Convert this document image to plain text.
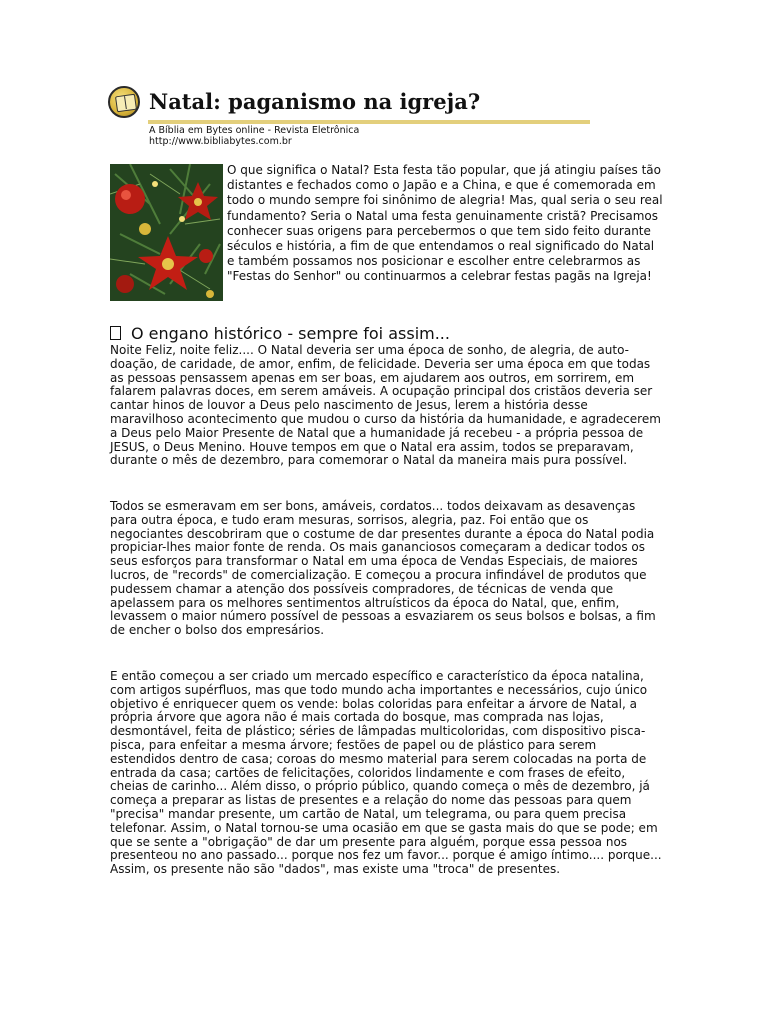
Natal: paganismo na igreja?
A Bíblia em Bytes online - Revista Eletrônica
http://www.bibliabytes.com.br

O que significa o Natal? Esta festa tão popular, que já atingiu países tão distantes e fechados como o Japão e a China, e que é comemorada em todo o mundo sempre foi sinônimo de alegria! Mas, qual seria o seu real fundamento? Seria o Natal uma festa genuinamente cristã? Precisamos conhecer suas origens para percebermos o que tem sido feito durante séculos e história, a fim de que entendamos o real significado do Natal e também possamos nos posicionar e escolher entre celebrarmos as "Festas do Senhor" ou continuarmos a celebrar festas pagãs na Igreja!

O engano histórico - sempre foi assim...

Noite Feliz, noite feliz.... O Natal deveria ser uma época de sonho, de alegria, de auto-doação, de caridade, de amor, enfim, de felicidade. Deveria ser uma época em que todas as pessoas pensassem apenas em ser boas, em ajudarem aos outros, em sorrirem, em falarem palavras doces, em serem amáveis. A ocupação principal dos cristãos deveria ser cantar hinos de louvor a Deus pelo nascimento de Jesus, lerem a história desse maravilhoso acontecimento que mudou o curso da história da humanidade, e agradecerem a Deus pelo Maior Presente de Natal que a humanidade já recebeu - a própria pessoa de JESUS, o Deus Menino. Houve tempos em que o Natal era assim, todos se preparavam, durante o mês de dezembro, para comemorar o Natal da maneira mais pura possível.

Todos se esmeravam em ser bons, amáveis, cordatos... todos deixavam as desavenças para outra época, e tudo eram mesuras, sorrisos, alegria, paz. Foi então que os negociantes descobriram que o costume de dar presentes durante a época do Natal podia propiciar-lhes maior fonte de renda. Os mais gananciosos começaram a dedicar todos os seus esforços para transformar o Natal em uma época de Vendas Especiais, de maiores lucros, de "records" de comercialização. E começou a procura infindável de produtos que pudessem chamar a atenção dos possíveis compradores, de técnicas de venda que apelassem para os melhores sentimentos altruísticos da época do Natal, que, enfim, levassem o maior número possível de pessoas a esvaziarem os seus bolsos e bolsas, a fim de encher o bolso dos empresários.

E então começou a ser criado um mercado específico e característico da época natalina, com artigos supérfluos, mas que todo mundo acha importantes e necessários, cujo único objetivo é enriquecer quem os vende: bolas coloridas para enfeitar a árvore de Natal, a própria árvore que agora não é mais cortada do bosque, mas comprada nas lojas, desmontável, feita de plástico; séries de lâmpadas multicoloridas, com dispositivo pisca-pisca, para enfeitar a mesma árvore; festões de papel ou de plástico para serem estendidos dentro de casa; coroas do mesmo material para serem colocadas na porta de entrada da casa; cartões de felicitações, coloridos lindamente e com frases de efeito, cheias de carinho... Além disso, o próprio público, quando começa o mês de dezembro, já começa a preparar as listas de presentes e a relação do nome das pessoas para quem "precisa" mandar presente, um cartão de Natal, um telegrama, ou para quem precisa telefonar. Assim, o Natal tornou-se uma ocasião em que se gasta mais do que se pode; em que se sente a "obrigação" de dar um presente para alguém, porque essa pessoa nos presenteou no ano passado... porque nos fez um favor... porque é amigo íntimo.... porque... Assim, os presente não são "dados", mas existe uma "troca" de presentes.
